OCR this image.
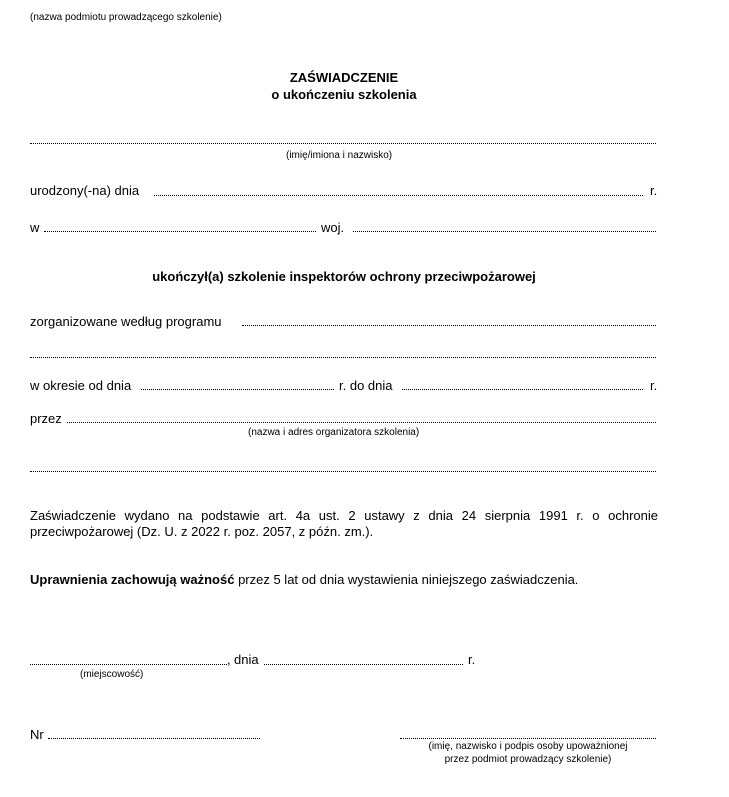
(nazwa podmiotu prowadzącego szkolenie)
ZAŚWIADCZENIE
o ukończeniu szkolenia
(imię/imiona i nazwisko)
urodzony(-na) dnia	r.
w	woj.
ukończył(a) szkolenie inspektorów ochrony przeciwpożarowej
zorganizowane według programu
w okresie od dnia	r. do dnia	r.
przez
(nazwa i adres organizatora szkolenia)
Zaświadczenie wydano na podstawie art. 4a ust. 2 ustawy z dnia 24 sierpnia 1991 r. o ochronie przeciwpożarowej (Dz. U. z 2022 r. poz. 2057, z późn. zm.).
Uprawnienia zachowują ważność przez 5 lat od dnia wystawienia niniejszego zaświadczenia.
, dnia	r.
(miejscowość)
Nr
(imię, nazwisko i podpis osoby upoważnionej
przez podmiot prowadzący szkolenie)
